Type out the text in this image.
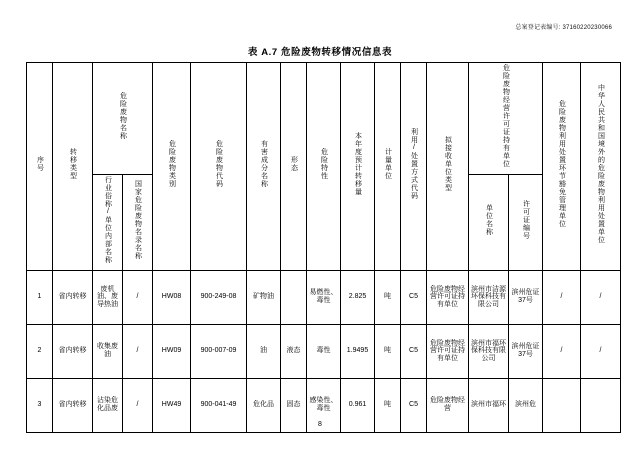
总案登记表编号: 37160220230066
表 A.7 危险废物转移情况信息表
序号	转移类型	危险废物名称		危险废物类别	危险废物代码	有害成分名称	形态	危险特性	本年度预计转移量	计量单位	利用/处置方式代码	拟接收单位类型	危险废物经营许可证持有单位		危险废物利用处置环节豁免管理单位	中华人民共和国境外的危险废物利用处置单位
		行业俗称/单位内部名称	国家危险废物名录名称										单位名称	许可证编号		
1	省内转移	废机油、废导热油	/	HW08	900-249-08	矿物油		易燃性、毒性	2.825	吨	C5	危险废物经营许可证持有单位	滨州市洁源环保科技有限公司	滨州危证37号	/	/
2	省内转移	收集废油	/	HW09	900-007-09	油	液态	毒性	1.9495	吨	C5	危险废物经营许可证持有单位	滨州市福环保科技有限公司	滨州危证37号	/	/
3	省内转移	沾染危化品废	/	HW49	900-041-49	危化品	固态	感染性、毒性	0.961	吨	C5	危险废物经营	滨州市福环	滨州危		
8
